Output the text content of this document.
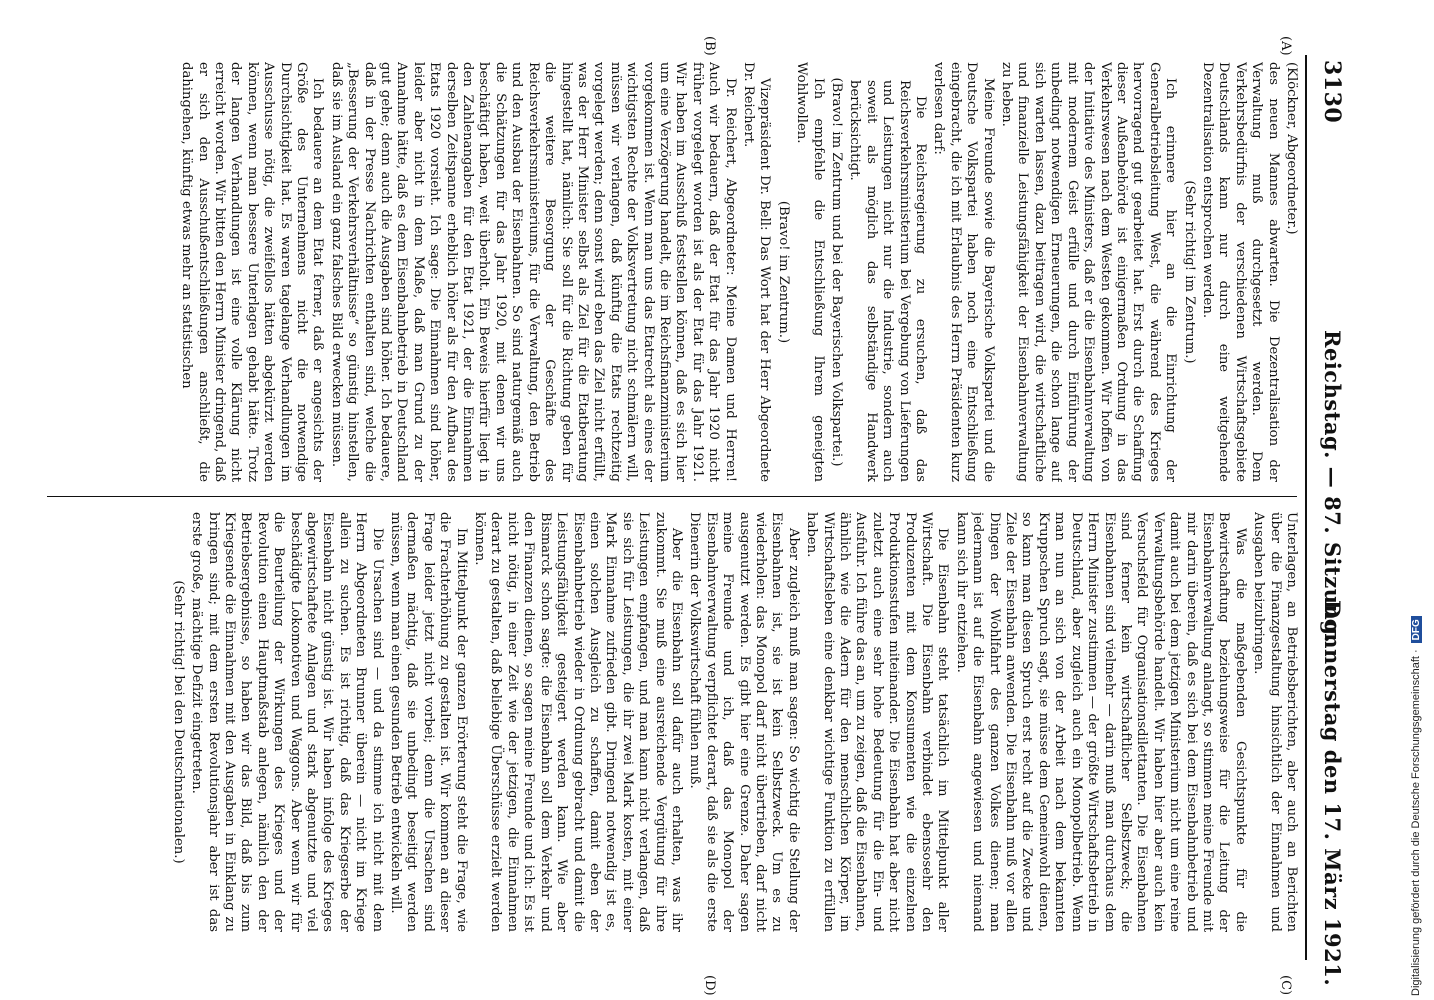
3130
Reichstag. — 87. Sitzung.
Donnerstag den 17. März 1921.
(A)
(B)
(C)
(D)

(Klöckner, Abgeordneter.)

des neuen Mannes abwarten. Die Dezentralisation der Verwaltung muß durchgesetzt werden. Dem Verkehrsbedürfnis der verschiedenen Wirtschaftsgebiete Deutschlands kann nur durch eine weitgehende Dezentralisation entsprochen werden.

(Sehr richtig! im Zentrum.)

Ich erinnere hier an die Einrichtung der Generalbetriebsleitung West, die während des Krieges hervorragend gut gearbeitet hat. Erst durch die Schaffung dieser Außenbehörde ist einigermaßen Ordnung in das Verkehrswesen nach dem Westen gekommen. Wir hoffen von der Initiative des Ministers, daß er die Eisenbahnverwaltung mit modernem Geist erfülle und durch Einführung der unbedingt notwendigen Erneuerungen, die schon lange auf sich warten lassen, dazu beitragen wird, die wirtschaftliche und finanzielle Leistungsfähigkeit der Eisenbahnverwaltung zu heben.

Meine Freunde sowie die Bayerische Volkspartei und die Deutsche Volkspartei haben noch eine Entschließung eingebracht, die ich mit Erlaubnis des Herrn Präsidenten kurz verlesen darf:

Die Reichsregierung zu ersuchen, daß das Reichsverkehrsministerium bei Vergebung von Lieferungen und Leistungen nicht nur die Industrie, sondern auch soweit als möglich das selbständige Handwerk berücksichtigt.

(Bravo! im Zentrum und bei der Bayerischen Volkspartei.)

Ich empfehle die Entschließung Ihrem geneigten Wohlwollen.

(Bravo! im Zentrum.)

Vizepräsident Dr. Bell: Das Wort hat der Herr Abgeordnete Dr. Reichert.

Dr. Reichert, Abgeordneter: Meine Damen und Herren! Auch wir bedauern, daß der Etat für das Jahr 1920 nicht früher vorgelegt worden ist als der Etat für das Jahr 1921. Wir haben im Ausschuß feststellen können, daß es sich hier um eine Verzögerung handelt, die im Reichsfinanzministerium vorgekommen ist. Wenn man uns das Etatrecht als eines der wichtigsten Rechte der Volksvertretung nicht schmälern will, müssen wir verlangen, daß künftig die Etats rechtzeitig vorgelegt werden; denn sonst wird eben das Ziel nicht erfüllt, was der Herr Minister selbst als Ziel für die Etatberatung hingestellt hat, nämlich: Sie soll für die Richtung geben für die weitere Besorgung der Geschäfte des Reichsverkehrsministeriums, für die Verwaltung, den Betrieb und den Ausbau der Eisenbahnen. So sind naturgemäß auch die Schätzungen für das Jahr 1920, mit denen wir uns beschäftigt haben, weit überholt. Ein Beweis hierfür liegt in den Zahlenangaben für den Etat 1921, der die Einnahmen derselben Zeitspanne erheblich höher als für den Aufbau des Etats 1920 vorsieht. Ich sage: Die Einnahmen sind höher, leider aber nicht in dem Maße, daß man Grund zu der Annahme hätte, daß es dem Eisenbahnbetrieb in Deutschland gut gehe; denn auch die Ausgaben sind höher. Ich bedauere, daß in der Presse Nachrichten enthalten sind, welche die „Besserung der Verkehrsverhältnisse“ so günstig hinstellen, daß sie im Ausland ein ganz falsches Bild erwecken müssen.

Ich bedauere an dem Etat ferner, daß er angesichts der Größe des Unternehmens nicht die notwendige Durchsichtigkeit hat. Es waren tagelange Verhandlungen im Ausschusse nötig, die zweifellos hätten abgekürzt werden können, wenn man bessere Unterlagen gehabt hätte. Trotz der langen Verhandlungen ist eine volle Klärung nicht erreicht worden. Wir bitten den Herrn Minister dringend, daß er sich den Ausschußentschließungen anschließt, die dahingehen, künftig etwas mehr an statistischen

Unterlagen, an Betriebsberichten, aber auch an Berichten über die Finanzgestaltung hinsichtlich der Einnahmen und Ausgaben beizubringen.

Was die maßgebenden Gesichtspunkte für die Bewirtschaftung beziehungsweise für die Leitung der Eisenbahnverwaltung anlangt, so stimmen meine Freunde mit mir darin überein, daß es sich bei dem Eisenbahnbetrieb und damit auch bei dem jetzigen Ministerium nicht um eine reine Verwaltungsbehörde handelt. Wir haben hier aber auch kein Versuchsfeld für Organisationsdilettanten. Die Eisenbahnen sind ferner kein wirtschaftlicher Selbstzweck; die Eisenbahnen sind vielmehr — darin muß man durchaus dem Herrn Minister zustimmen — der größte Wirtschaftsbetrieb in Deutschland, aber zugleich auch ein Monopolbetrieb. Wenn man nun an sich von der Arbeit nach dem bekannten Kruppschen Spruch sagt, sie müsse dem Gemeinwohl dienen, so kann man diesen Spruch erst recht auf die Zwecke und Ziele der Eisenbahn anwenden. Die Eisenbahn muß vor allen Dingen der Wohlfahrt des ganzen Volkes dienen; man jedermann ist auf die Eisenbahn angewiesen und niemand kann sich ihr entziehen.

Die Eisenbahn steht tatsächlich im Mittelpunkt aller Wirtschaft. Die Eisenbahn verbindet ebensosehr den Produzenten mit dem Konsumenten wie die einzelnen Produktionsstufen miteinander. Die Eisenbahn hat aber nicht zuletzt auch eine sehr hohe Bedeutung für die Ein- und Ausfuhr. Ich führe das an, um zu zeigen, daß die Eisenbahnen, ähnlich wie die Adern für den menschlichen Körper, im Wirtschaftsleben eine denkbar wichtige Funktion zu erfüllen haben.

Aber zugleich muß man sagen: So wichtig die Stellung der Eisenbahnen ist, sie ist kein Selbstzweck. Um es zu wiederholen: das Monopol darf nicht übertrieben, darf nicht ausgenutzt werden. Es gibt hier eine Grenze. Daher sagen meine Freunde und ich, daß das Monopol der Eisenbahnverwaltung verpflichtet derart, daß sie als die erste Dienerin der Volkswirtschaft fühlen muß.

Aber die Eisenbahn soll dafür auch erhalten, was ihr zukommt. Sie muß eine ausreichende Vergütung für ihre Leistungen empfangen, und man kann nicht verlangen, daß sie sich für Leistungen, die ihr zwei Mark kosten, mit einer Mark Einnahme zufrieden gibt. Dringend notwendig ist es, einen solchen Ausgleich zu schaffen, damit eben der Eisenbahnbetrieb wieder in Ordnung gebracht und damit die Leistungsfähigkeit gesteigert werden kann. Wie aber Bismarck schon sagte: die Eisenbahn soll dem Verkehr und den Finanzen dienen, so sagen meine Freunde und ich: Es ist nicht nötig, in einer Zeit wie der jetzigen, die Einnahmen derart zu gestalten, daß beliebige Überschüsse erzielt werden können.

Im Mittelpunkt der ganzen Erörterung steht die Frage, wie die Frachterhöhung zu gestalten ist. Wir kommen an dieser Frage leider jetzt nicht vorbei; denn die Ursachen sind dermaßen mächtig, daß sie unbedingt beseitigt werden müssen, wenn man einen gesunden Betrieb entwickeln will.

Die Ursachen sind — und da stimme ich nicht mit dem Herrn Abgeordneten Brunner überein — nicht im Kriege allein zu suchen. Es ist richtig, daß das Kriegserbe der Eisenbahn nicht günstig ist. Wir haben infolge des Krieges abgewirtschaftete Anlagen und stark abgenutzte und viel beschädigte Lokomotiven und Waggons. Aber wenn wir für die Beurteilung der Wirkungen des Krieges und der Revolution einen Hauptmaßstab anlegen, nämlich den der Betriebsergebnisse, so haben wir das Bild, daß bis zum Kriegsende die Einnahmen mit den Ausgaben in Einklang zu bringen sind; mit dem ersten Revolutionsjahr aber ist das erste große, mächtige Defizit eingetreten.

(Sehr richtig! bei den Deutschnationalen.)	Digitalisierung gefördert durch die Deutsche Forschungsgemeinschaft ·DFG
